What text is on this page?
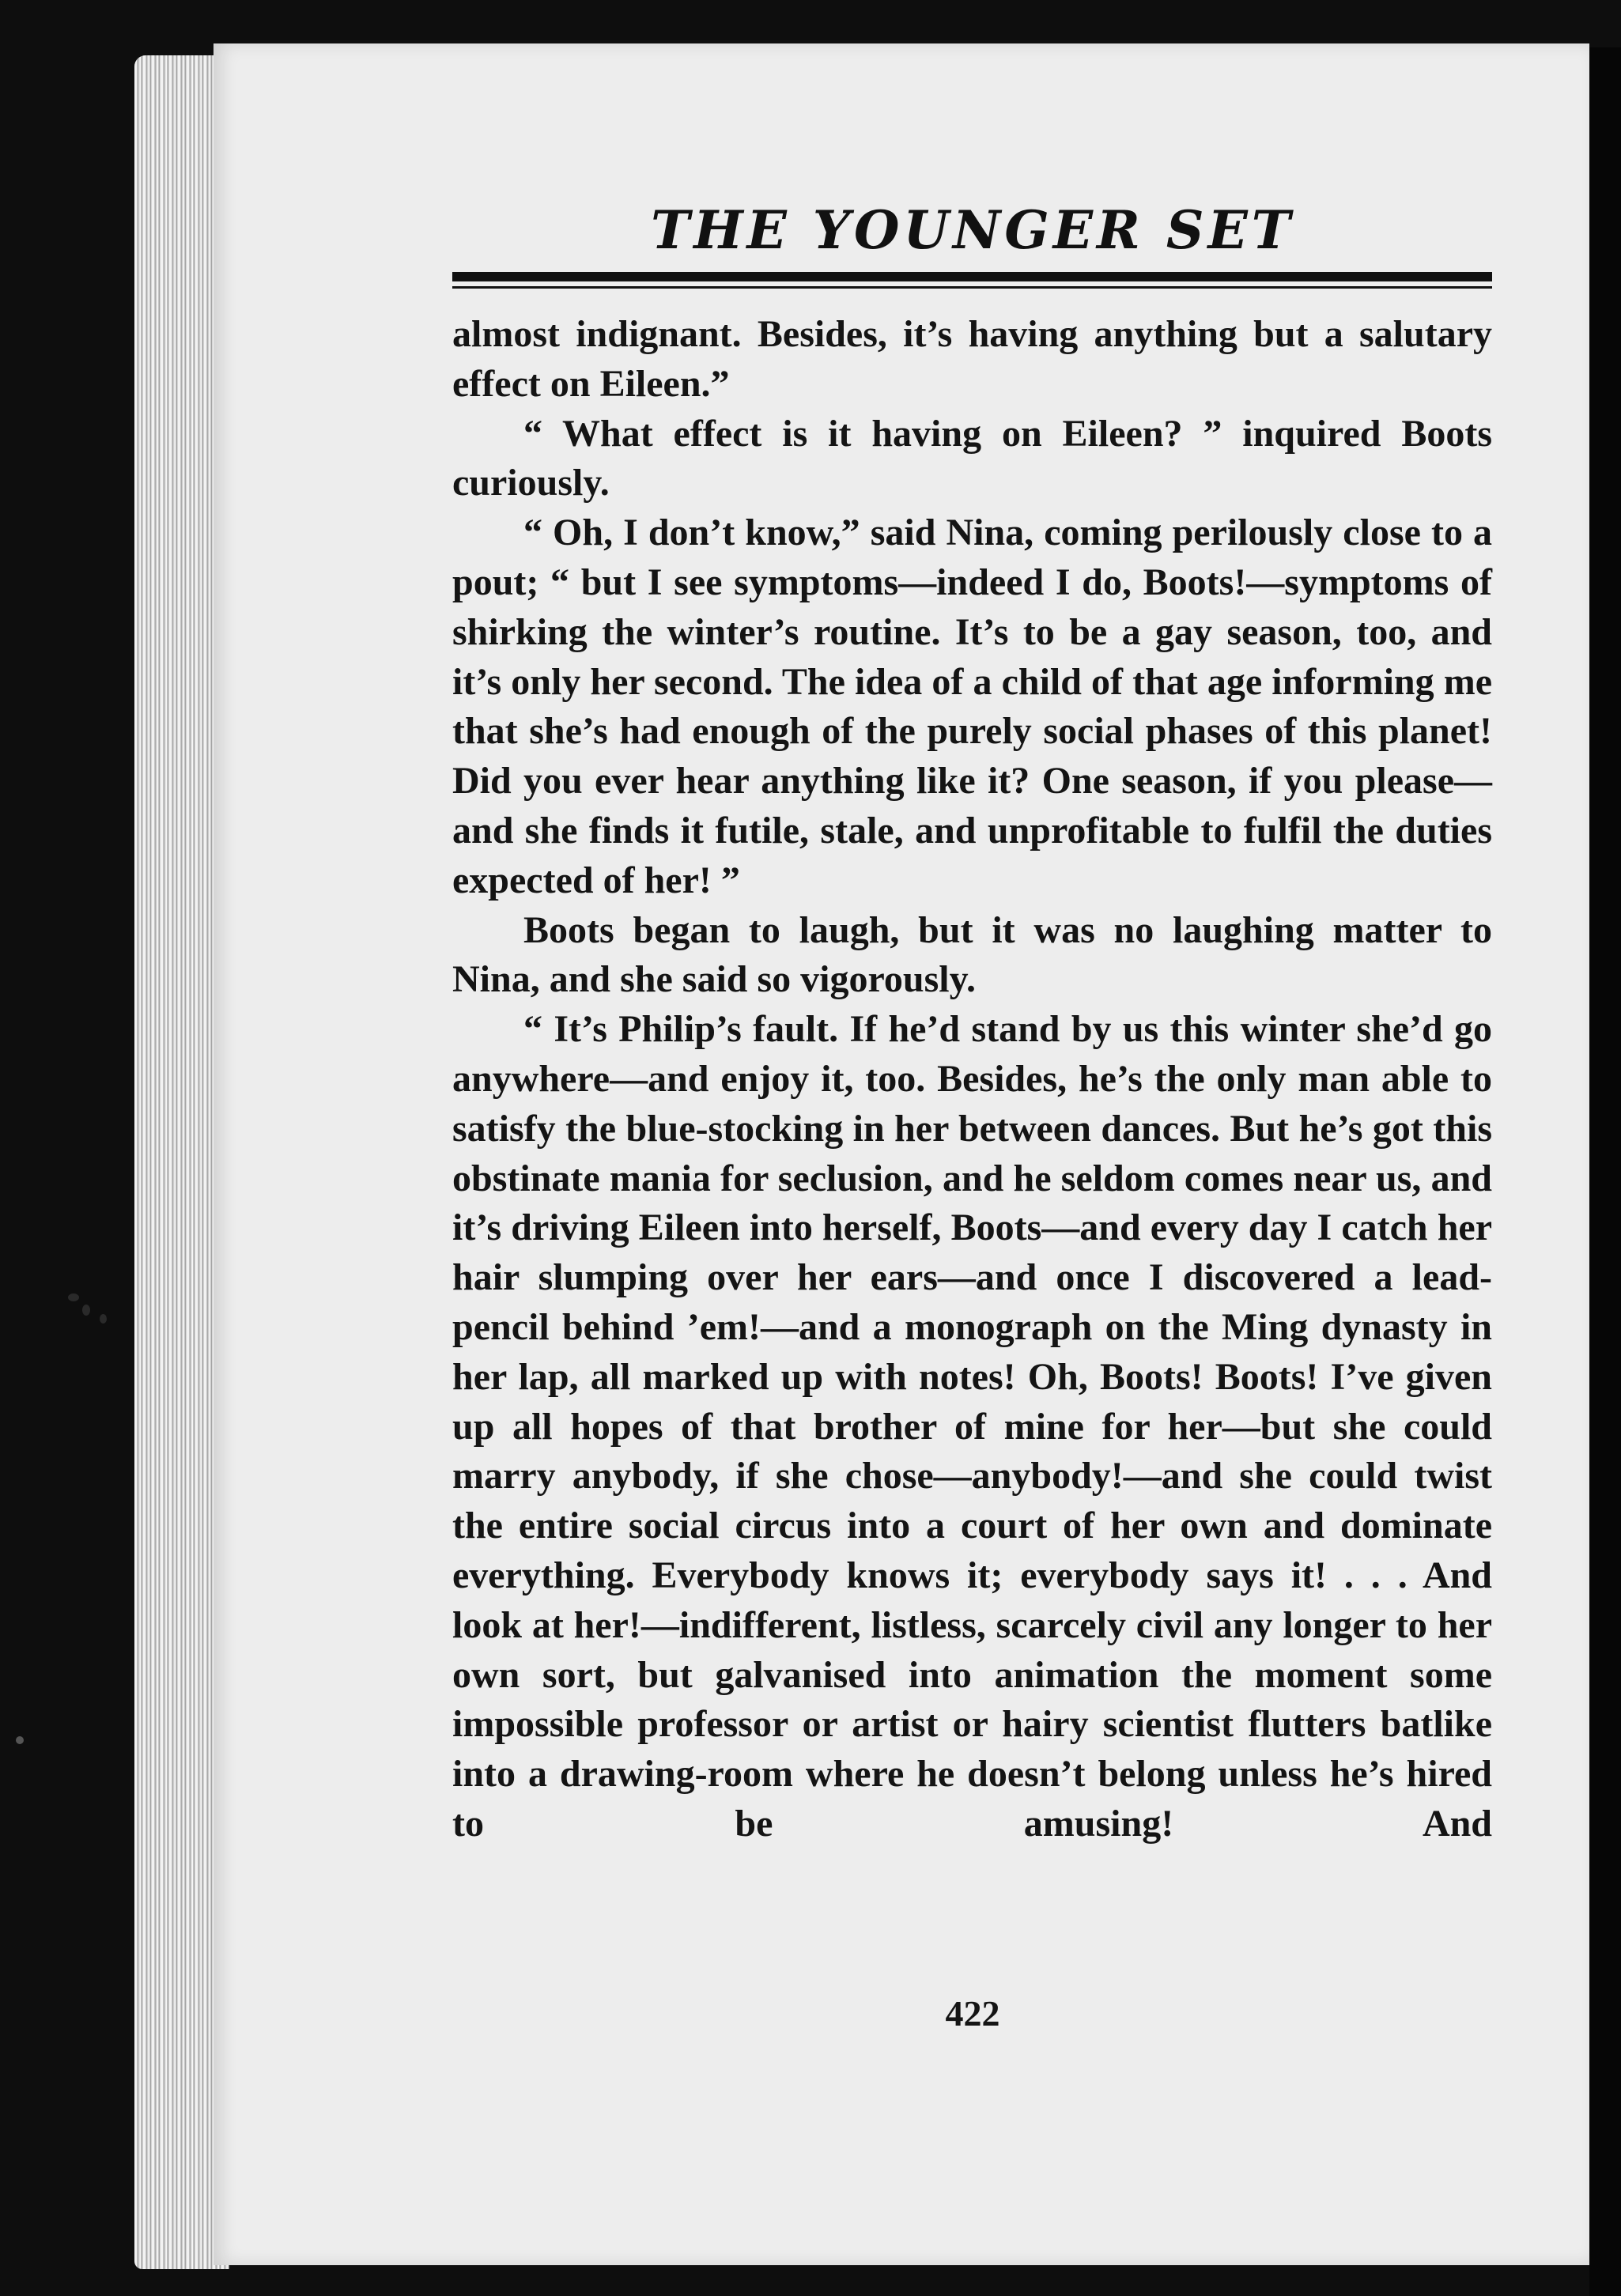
THE YOUNGER SET

almost indignant. Besides, it’s having anything but a salutary effect on Eileen.”

“ What effect is it having on Eileen? ” inquired Boots curiously.

“ Oh, I don’t know,” said Nina, coming perilously close to a pout; “ but I see symptoms—indeed I do, Boots!—symptoms of shirking the winter’s routine. It’s to be a gay season, too, and it’s only her second. The idea of a child of that age informing me that she’s had enough of the purely social phases of this planet! Did you ever hear anything like it? One season, if you please—and she finds it futile, stale, and unprofitable to fulfil the duties expected of her! ”

Boots began to laugh, but it was no laughing matter to Nina, and she said so vigorously.

“ It’s Philip’s fault. If he’d stand by us this winter she’d go anywhere—and enjoy it, too. Besides, he’s the only man able to satisfy the blue-stocking in her between dances. But he’s got this obstinate mania for seclusion, and he seldom comes near us, and it’s driving Eileen into herself, Boots—and every day I catch her hair slumping over her ears—and once I discovered a lead-pencil behind ’em!—and a monograph on the Ming dynasty in her lap, all marked up with notes! Oh, Boots! Boots! I’ve given up all hopes of that brother of mine for her—but she could marry anybody, if she chose—anybody!—and she could twist the entire social circus into a court of her own and dominate everything. Everybody knows it; everybody says it! . . . And look at her!—indifferent, listless, scarcely civil any longer to her own sort, but galvanised into animation the moment some impossible professor or artist or hairy scientist flutters batlike into a drawing-room where he doesn’t belong unless he’s hired to be amusing! And

422
